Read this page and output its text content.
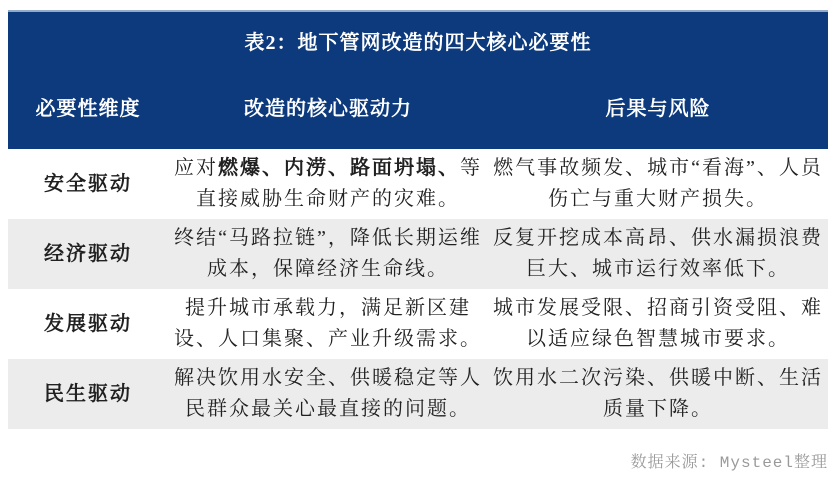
表2：地下管网改造的四大核心必要性
必要性维度	改造的核心驱动力	后果与风险
安全驱动
应对燃爆、内涝、路面坍塌、等直接威胁生命财产的灾难。
燃气事故频发、城市“看海”、人员伤亡与重大财产损失。
经济驱动
终结“马路拉链”，降低长期运维成本，保障经济生命线。
反复开挖成本高昂、供水漏损浪费巨大、城市运行效率低下。
发展驱动
提升城市承载力，满足新区建设、人口集聚、产业升级需求。
城市发展受限、招商引资受阻、难以适应绿色智慧城市要求。
民生驱动
解决饮用水安全、供暖稳定等人民群众最关心最直接的问题。
饮用水二次污染、供暖中断、生活质量下降。
数据来源: Mysteel整理
